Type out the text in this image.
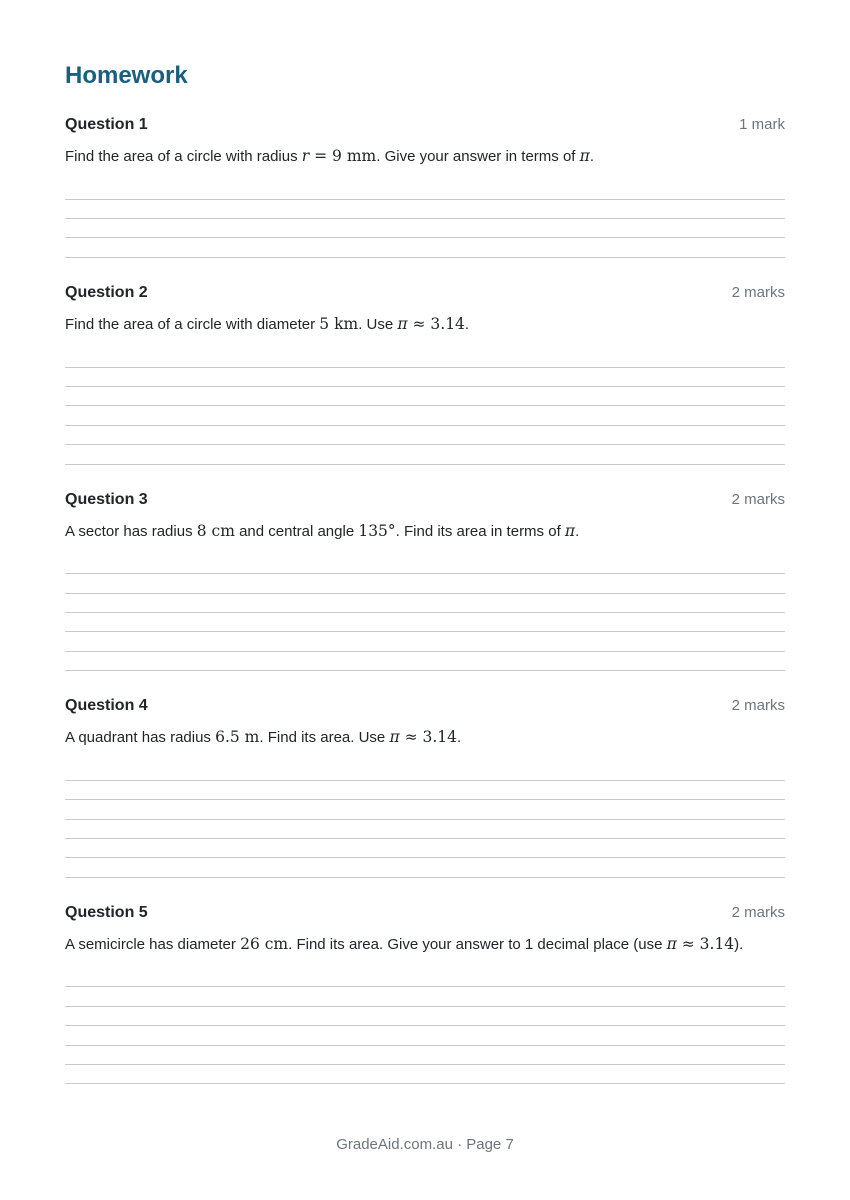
Homework
Question 1	1 mark

Find the area of a circle with radius r = 9 mm. Give your answer in terms of π.

Question 2	2 marks

Find the area of a circle with diameter 5 km. Use π ≈ 3.14.

Question 3	2 marks

A sector has radius 8 cm and central angle 135°. Find its area in terms of π.

Question 4	2 marks

A quadrant has radius 6.5 m. Find its area. Use π ≈ 3.14.

Question 5	2 marks

A semicircle has diameter 26 cm. Find its area. Give your answer to 1 decimal place (use π ≈ 3.14).

GradeAid.com.au · Page 7
